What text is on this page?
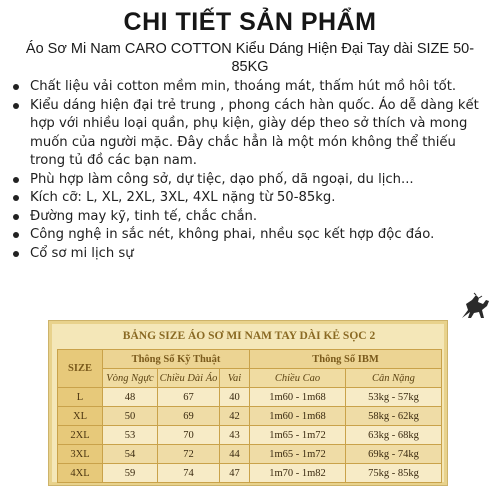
CHI TIẾT SẢN PHẨM
Áo Sơ Mi Nam CARO COTTON Kiểu Dáng Hiện Đại Tay dài SIZE 50-85KG
Chất liệu vải cotton mềm min, thoáng mát, thấm hút mồ hôi tốt.
Kiểu dáng hiện đại trẻ trung , phong cách hàn quốc. Áo dễ dàng kết hợp với nhiều loại quần, phụ kiện, giày dép theo sở thích và mong muốn của người mặc. Đây chắc hẳn là một món không thể thiếu trong tủ đồ các bạn nam.
Phù hợp làm công sở, dự tiệc, dạo phố, dã ngoại, du lịch...
Kích cỡ: L, XL, 2XL, 3XL, 4XL nặng từ 50-85kg.
Đường may kỹ, tinh tế, chắc chắn.
Công nghệ in sắc nét, không phai, nhều sọc kết hợp độc đáo.
Cổ sơ mi lịch sự
BẢNG SIZE ÁO SƠ MI NAM TAY DÀI KẺ SỌC 2
SIZE	Thông Số Kỹ Thuật			Thông Số IBM	
	Vòng Ngực	Chiều Dài Áo	Vai	Chiều Cao	Cân Nặng
L	48	67	40	1m60 - 1m68	53kg - 57kg
XL	50	69	42	1m60 - 1m68	58kg - 62kg
2XL	53	70	43	1m65 - 1m72	63kg - 68kg
3XL	54	72	44	1m65 - 1m72	69kg - 74kg
4XL	59	74	47	1m70 - 1m82	75kg - 85kg
